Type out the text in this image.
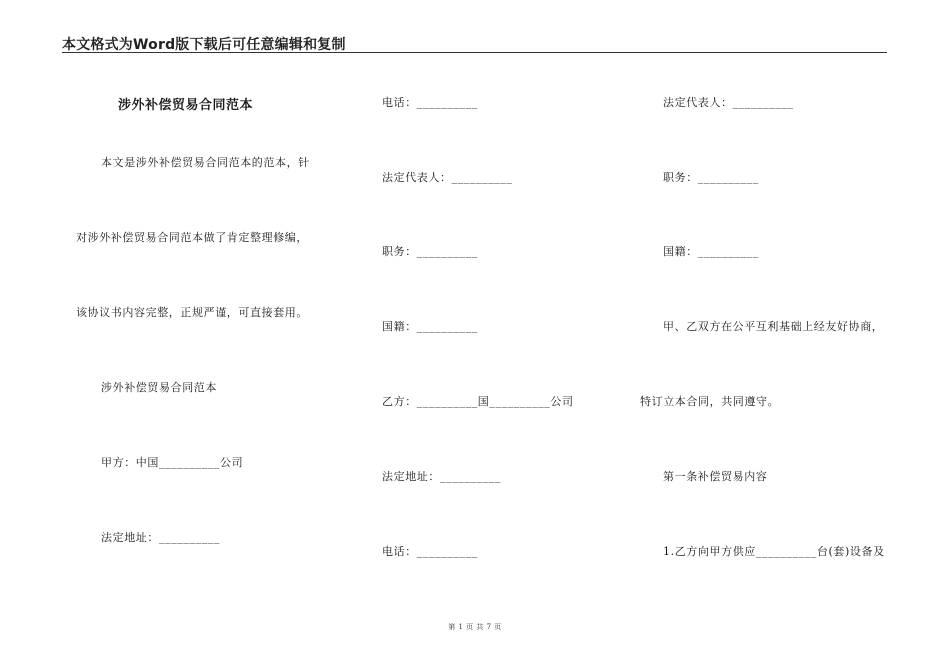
本文格式为Word版下载后可任意编辑和复制
涉外补偿贸易合同范本
本文是涉外补偿贸易合同范本的范本，针
对涉外补偿贸易合同范本做了肯定整理修编，
该协议书内容完整，正规严谨，可直接套用。
涉外补偿贸易合同范本
甲方：中国__________公司
法定地址：__________
电话：__________
法定代表人：__________
职务：__________
国籍：__________
乙方：__________国__________公司
法定地址：__________
电话：__________
法定代表人：__________
职务：__________
国籍：__________
甲、乙双方在公平互利基础上经友好协商，
特订立本合同，共同遵守。
第一条补偿贸易内容
1.乙方向甲方供应__________台(套)设备及
第 1 页 共 7 页
